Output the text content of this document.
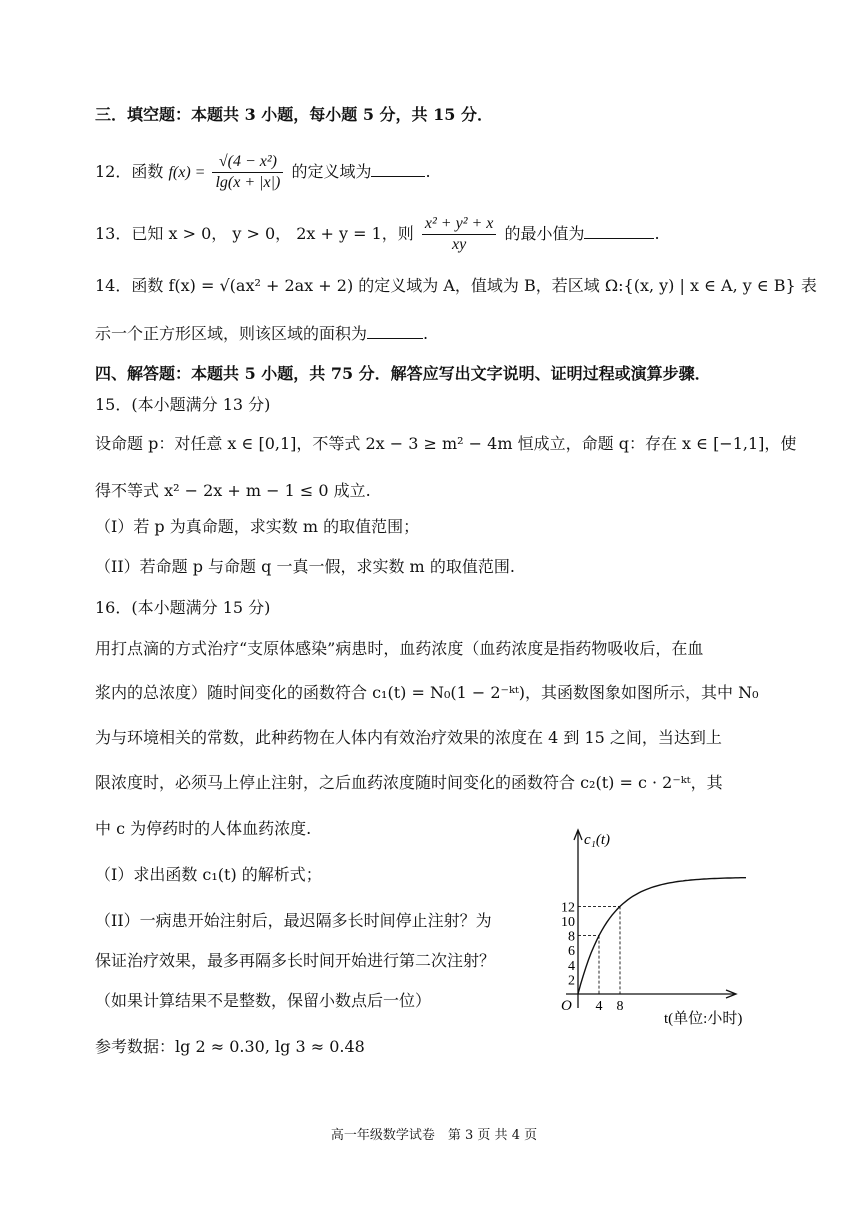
三．填空题：本题共 3 小题，每小题 5 分，共 15 分．
12．函数 $f(x) = \frac{\text{√(4 − x²)}}{\lg(x + |x|)}$ 的定义域为	.
13．已知 x > 0， y > 0， 2x + y = 1，则 $\frac{\text{x² + y² + x}}{xy}$ 的最小值为	.
14．函数 f(x) = √(ax² + 2ax + 2) 的定义域为 A，值域为 B，若区域 Ω:{(x, y) | x ∈ A, y ∈ B} 表
示一个正方形区域，则该区域的面积为	.
四、解答题：本题共 5 小题，共 75 分．解答应写出文字说明、证明过程或演算步骤．
15．(本小题满分 13 分)
设命题 p：对任意 x ∈ [0,1]，不等式 2x − 3 ≥ m² − 4m 恒成立，命题 q：存在 x ∈ [−1,1]，使
得不等式 x² − 2x + m − 1 ≤ 0 成立.
（I）若 p 为真命题，求实数 m 的取值范围；
（II）若命题 p 与命题 q 一真一假，求实数 m 的取值范围.
16．(本小题满分 15 分)
用打点滴的方式治疗“支原体感染”病患时，血药浓度（血药浓度是指药物吸收后，在血
浆内的总浓度）随时间变化的函数符合 c₁(t) = N₀(1 − 2⁻ᵏᵗ)，其函数图象如图所示，其中 N₀
为与环境相关的常数，此种药物在人体内有效治疗效果的浓度在 4 到 15 之间，当达到上
限浓度时，必须马上停止注射，之后血药浓度随时间变化的函数符合 c₂(t) = c · 2⁻ᵏᵗ，其
中 c 为停药时的人体血药浓度.
（I）求出函数 c₁(t) 的解析式；
（II）一病患开始注射后，最迟隔多长时间停止注射？为
保证治疗效果，最多再隔多长时间开始进行第二次注射？
（如果计算结果不是整数，保留小数点后一位）
参考数据：lg 2 ≈ 0.30, lg 3 ≈ 0.48
c₁(t)
t(单位:小时)
O
12
10
8
6
4
2
4 8
高一年级数学试卷　第 3 页 共 4 页
